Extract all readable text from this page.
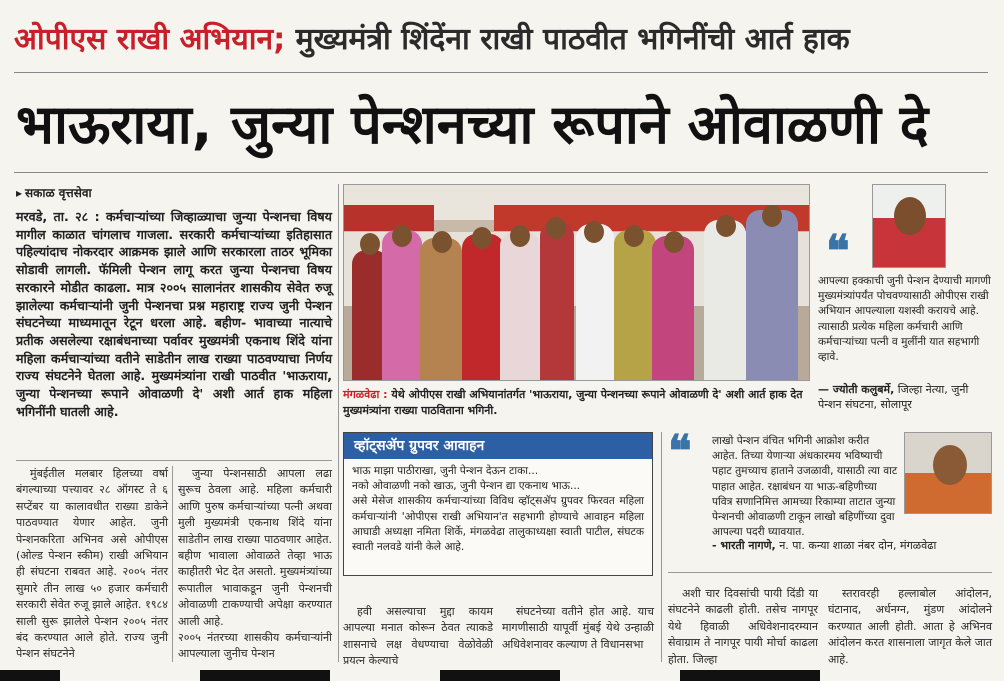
ओपीएस राखी अभियान; मुख्यमंत्री शिंदेंना राखी पाठवीत भगिनींची आर्त हाक
भाऊराया, जुन्या पेन्शनच्या रूपाने ओवाळणी दे
▸ सकाळ वृत्तसेवा
मरवडे, ता. २८ : कर्मचाऱ्यांच्या जिव्हाळ्याचा जुन्या पेन्शनचा विषय मागील काळात चांगलाच गाजला. सरकारी कर्मचाऱ्यांच्या इतिहासात पहिल्यांदाच नोकरदार आक्रमक झाले आणि सरकारला ताठर भूमिका सोडावी लागली. फॅमिली पेन्शन लागू करत जुन्या पेन्शनचा विषय सरकारने मोडीत काढला. मात्र २००५ सालानंतर शासकीय सेवेत रुजू झालेल्या कर्मचाऱ्यांनी जुनी पेन्शनचा प्रश्न महाराष्ट्र राज्य जुनी पेन्शन संघटनेच्या माध्यमातून रेटून धरला आहे. बहीण- भावाच्या नात्याचे प्रतीक असलेल्या रक्षाबंधनाच्या पर्वावर मुख्यमंत्री एकनाथ शिंदे यांना महिला कर्मचाऱ्यांच्या वतीने साडेतीन लाख राख्या पाठवण्याचा निर्णय राज्य संघटनेने घेतला आहे. मुख्यमंत्र्यांना राखी पाठवीत 'भाऊराया, जुन्या पेन्शनच्या रूपाने ओवाळणी दे' अशी आर्त हाक महिला भगिनींनी घातली आहे.

मुंबईतील मलबार हिलच्या वर्षा बंगल्याच्या पत्त्यावर २८ ऑगस्ट ते ६ सप्टेंबर या कालावधीत राख्या डाकेने पाठवण्यात येणार आहेत. जुनी पेन्शनकरिता अभिनव असे ओपीएस (ओल्ड पेन्शन स्कीम) राखी अभियान ही संघटना राबवत आहे. २००५ नंतर सुमारे तीन लाख ५० हजार कर्मचारी सरकारी सेवेत रुजू झाले आहेत. १९८४ साली सुरू झालेले पेन्शन २००५ नंतर बंद करण्यात आले होते. राज्य जुनी पेन्शन संघटनेने

जुन्या पेन्शनसाठी आपला लढा सुरूच ठेवला आहे. महिला कर्मचारी आणि पुरुष कर्मचाऱ्यांच्या पत्नी अथवा मुली मुख्यमंत्री एकनाथ शिंदे यांना साडेतीन लाख राख्या पाठवणार आहेत. बहीण भावाला ओवाळते तेव्हा भाऊ काहीतरी भेट देत असतो. मुख्यमंत्र्यांच्या रूपातील भावाकडून जुनी पेन्शनची ओवाळणी टाकण्याची अपेक्षा करण्यात आली आहे.
२००५ नंतरच्या शासकीय कर्मचाऱ्यांनी आपल्याला जुनीच पेन्शन

हवी असल्याचा मुद्दा कायम आपल्या मनात कोरून ठेवत त्याकडे शासनाचे लक्ष वेधण्याचा वेळोवेळी प्रयत्न केल्याचे

संघटनेच्या वतीने होत आहे. याच मागणीसाठी यापूर्वी मुंबई येथे उन्हाळी अधिवेशनावर कल्याण ते विधानसभा

अशी चार दिवसांची पायी दिंडी या संघटनेने काढली होती. तसेच नागपूर येथे हिवाळी अधिवेशनादरम्यान सेवाग्राम ते नागपूर पायी मोर्चा काढला होता. जिल्हा

स्तरावरही हल्लाबोल आंदोलन, घंटानाद, अर्धनग्न, मुंडण आंदोलने करण्यात आली होती. आता हे अभिनव आंदोलन करत शासनाला जागृत केले जात आहे.

मंगळवेढा : येथे ओपीएस राखी अभियानांतर्गत 'भाऊराया, जुन्या पेन्शनच्या रूपाने ओवाळणी दे' अशी आर्त हाक देत मुख्यमंत्र्यांना राख्या पाठविताना भगिनी.
❝
आपल्या हक्काची जुनी पेन्शन देण्याची मागणी मुख्यमंत्र्यांपर्यंत पोचवण्यासाठी ओपीएस राखी अभियान आपल्याला यशस्वी करायचे आहे. त्यासाठी प्रत्येक महिला कर्मचारी आणि कर्मचाऱ्यांच्या पत्नी व मुलींनी यात सहभागी व्हावे.
— ज्योती कलुबर्मे, जिल्हा नेत्या, जुनी पेन्शन संघटना, सोलापूर
व्हॉट्सॲप ग्रुपवर आवाहन
भाऊ माझा पाठीराखा, जुनी पेन्शन देऊन टाका...
नको ओवाळणी नको खाऊ, जुनी पेन्शन द्या एकनाथ भाऊ...
असे मेसेज शासकीय कर्मचाऱ्यांच्या विविध व्हॉट्सॲप ग्रुपवर फिरवत महिला कर्मचाऱ्यांनी 'ओपीएस राखी अभियान'त सहभागी होण्याचे आवाहन महिला आघाडी अध्यक्षा नमिता शिर्के, मंगळवेढा तालुकाध्यक्षा स्वाती पाटील, संघटक स्वाती नलवडे यांनी केले आहे.
❝ लाखो पेन्शन वंचित भगिनी आक्रोश करीत आहेत. तिच्या येणाऱ्या अंधकारमय भविष्याची पहाट तुमच्याच हाताने उजळावी, यासाठी त्या वाट पाहात आहेत. रक्षाबंधन या भाऊ-बहिणीच्या पवित्र सणानिमित्त आमच्या रिकाम्या ताटात जुन्या पेन्शनची ओवाळणी टाकून लाखो बहिणींच्या दुवा आपल्या पदरी घ्यावयात.
- भारती नागणे, न. पा. कन्या शाळा नंबर दोन, मंगळवेढा
